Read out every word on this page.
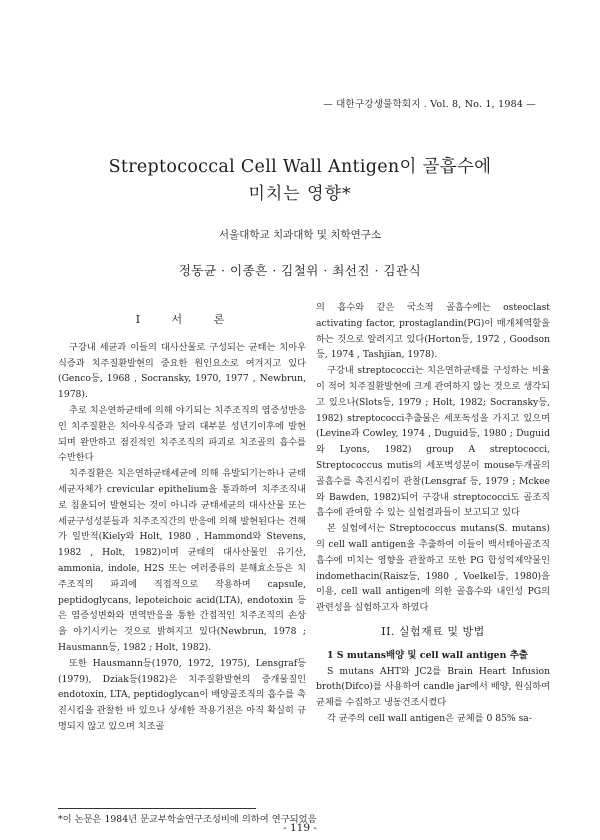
— 대한구강생물학회지 . Vol. 8, No. 1, 1984 —
Streptococcal Cell Wall Antigen이 골흡수에
미치는 영향*
서울대학교 치과대학 및 치학연구소
정동균 · 이종흔 · 김철위 · 최선진 · 김관식
I 서 론

구강내 세균과 이들의 대사산물로 구성되는 균태는 치아우식증과 치주질환발현의 중요한 원인요소로 여겨지고 있다(Genco등, 1968 , Socransky, 1970, 1977 , Newbrun, 1978).

추로 치은연하균태에 의해 야기되는 치주조직의 염증성반응인 치주질환은 치아우식증과 달리 대부분 성년기이후에 발현되며 완만하고 점진적인 치주조직의 파괴로 치조골의 흡수를 수반한다

치주질환은 치은연하균태세균에 의해 유발되기는하나 균태세균자체가 crevicular epithelium을 통과하여 치주조직내로 침윤되어 발현되는 것이 아니라 균태세균의 대사산물 또는 세균구성성분들과 치주조직간의 반응에 의해 발현된다는 견해가 일반적(Kiely와 Holt, 1980 , Hammond와 Stevens, 1982 , Holt, 1982)이며 균태의 대사산물인 유기산, ammonia, indole, H2S 또는 여러종류의 분해효소등은 치주조직의 파괴에 직접적으로 작용하며 capsule, peptidoglycans, lepoteichoic acid(LTA), endotoxin 등은 염증성변화와 면역반응을 통한 간접적인 치주조직의 손상을 야기시키는 것으로 밝혀지고 있다(Newbrun, 1978 ; Hausmann등, 1982 ; Holt, 1982).

또한 Hausmann등(1970, 1972, 1975), Lensgraf등(1979), Dziak등(1982)은 치주질환발현의 중개물질인 endotoxin, LTA, peptidoglycan이 배양골조직의 흡수를 촉진시킴을 관찰한 바 있으나 상세한 작용기전은 아직 확실히 규명되지 않고 있으며 치조골

의 흡수와 같은 국소적 골흡수에는 osteoclast activating factor, prostaglandin(PG)이 매개체역할을 하는 것으로 알려지고 있다(Horton등, 1972 , Goodson등, 1974 , Tashjian, 1978).

구강내 streptococci는 치은연하균태를 구성하는 비율이 적어 치주질환발현에 크게 관여하지 않는 것으로 생각되고 있으나(Slots등, 1979 ; Holt, 1982; Socransky등, 1982) streptococci추출물은 세포독성을 가지고 있으며(Levine과 Cowley, 1974 , Duguid등, 1980 ; Duguid와 Lyons, 1982) group A streptococci, Streptococcus mutis의 세포벽성분이 mouse두개골의 골흡수를 촉진시킴이 관찰(Lensgraf 등, 1979 ; Mckee와 Bawden, 1982)되어 구강내 streptococci도 골조직흡수에 관여할 수 있는 실험결과들이 보고되고 있다

본 실험에서는 Streptococcus mutans(S. mutans)의 cell wall antigen을 추출하여 이들이 백서태아골조직흡수에 미치는 영향을 관찰하고 또한 PG 합성억제약물인 indomethacin(Raisz등, 1980 , Voelkel등, 1980)을 이용, cell wall antigen에 의한 골흡수와 내인성 PG의 관련성을 실험하고자 하였다

II. 실험재료 및 방법

1 S mutans배양 및 cell wall antigen 추출

S mutans AHT와 JC2를 Brain Heart Infusion broth(Difco)를 사용하여 candle jar에서 배양, 원심하여 균체를 수집하고 냉동건조시켰다

각 균주의 cell wall antigen은 균체를 0 85% sa-

*이 논문은 1984년 문교부학술연구조성비에 의하여 연구되었음
- 119 -
